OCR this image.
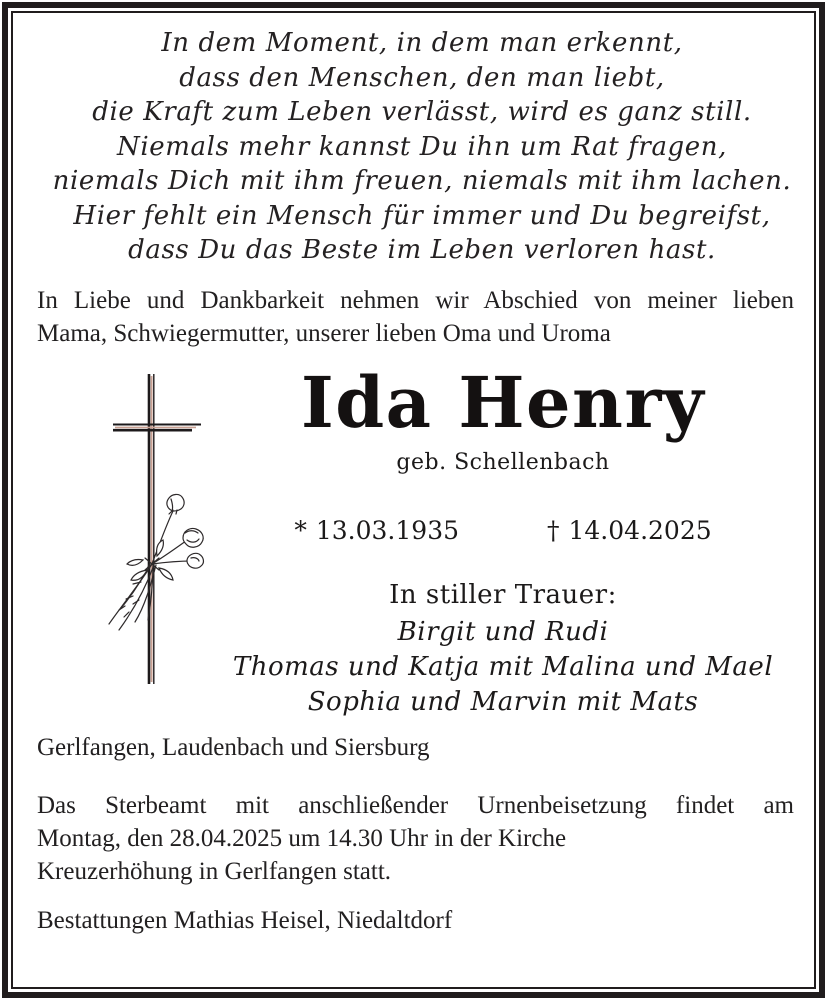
In dem Moment, in dem man erkennt,
dass den Menschen, den man liebt,
die Kraft zum Leben verlässt, wird es ganz still.
Niemals mehr kannst Du ihn um Rat fragen,
niemals Dich mit ihm freuen, niemals mit ihm lachen.
Hier fehlt ein Mensch für immer und Du begreifst,
dass Du das Beste im Leben verloren hast.
In Liebe und Dankbarkeit nehmen wir Abschied von meiner lieben
Mama, Schwiegermutter, unserer lieben Oma und Uroma
Ida Henry
geb. Schellenbach
* 13.03.1935	† 14.04.2025
In stiller Trauer:
Birgit und Rudi
Thomas und Katja mit Malina und Mael
Sophia und Marvin mit Mats
Gerlfangen, Laudenbach und Siersburg
Das Sterbeamt mit anschließender Urnenbeisetzung findet am
Montag, den 28.04.2025 um 14.30 Uhr in der Kirche
Kreuzerhöhung in Gerlfangen statt.
Bestattungen Mathias Heisel, Niedaltdorf
